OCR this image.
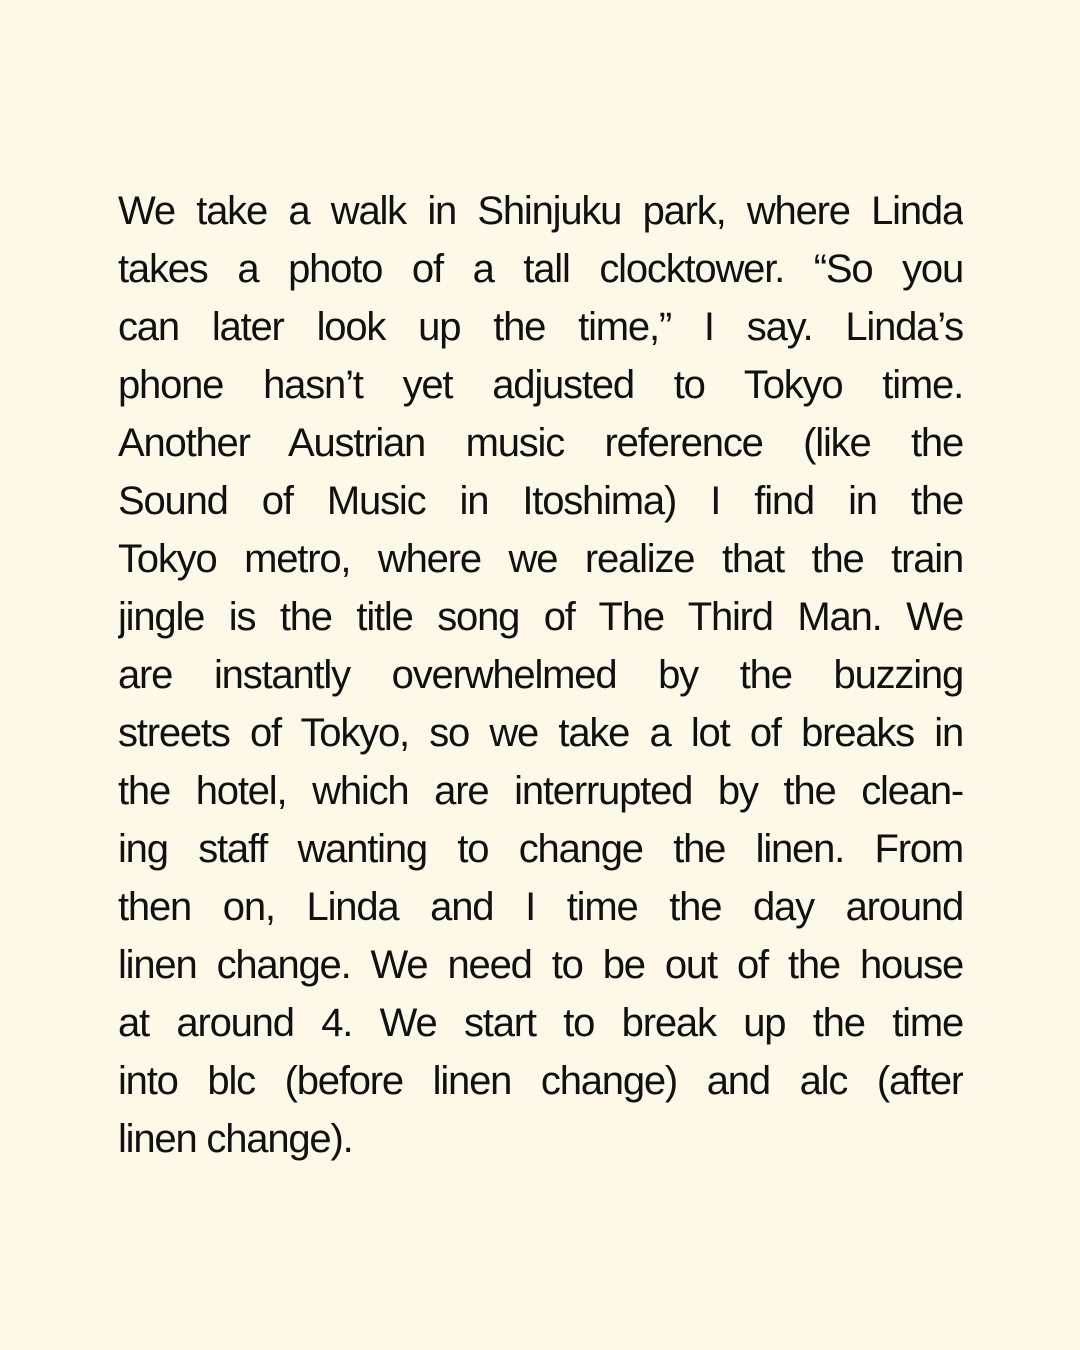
We take a walk in Shinjuku park, where Linda
takes a photo of a tall clocktower. “So you
can later look up the time,” I say. Linda’s
phone hasn’t yet adjusted to Tokyo time.
Another Austrian music reference (like the
Sound of Music in Itoshima) I find in the
Tokyo metro, where we realize that the train
jingle is the title song of The Third Man. We
are instantly overwhelmed by the buzzing
streets of Tokyo, so we take a lot of breaks in
the hotel, which are interrupted by the clean-
ing staff wanting to change the linen. From
then on, Linda and I time the day around
linen change. We need to be out of the house
at around 4. We start to break up the time
into blc (before linen change) and alc (after
linen change).
